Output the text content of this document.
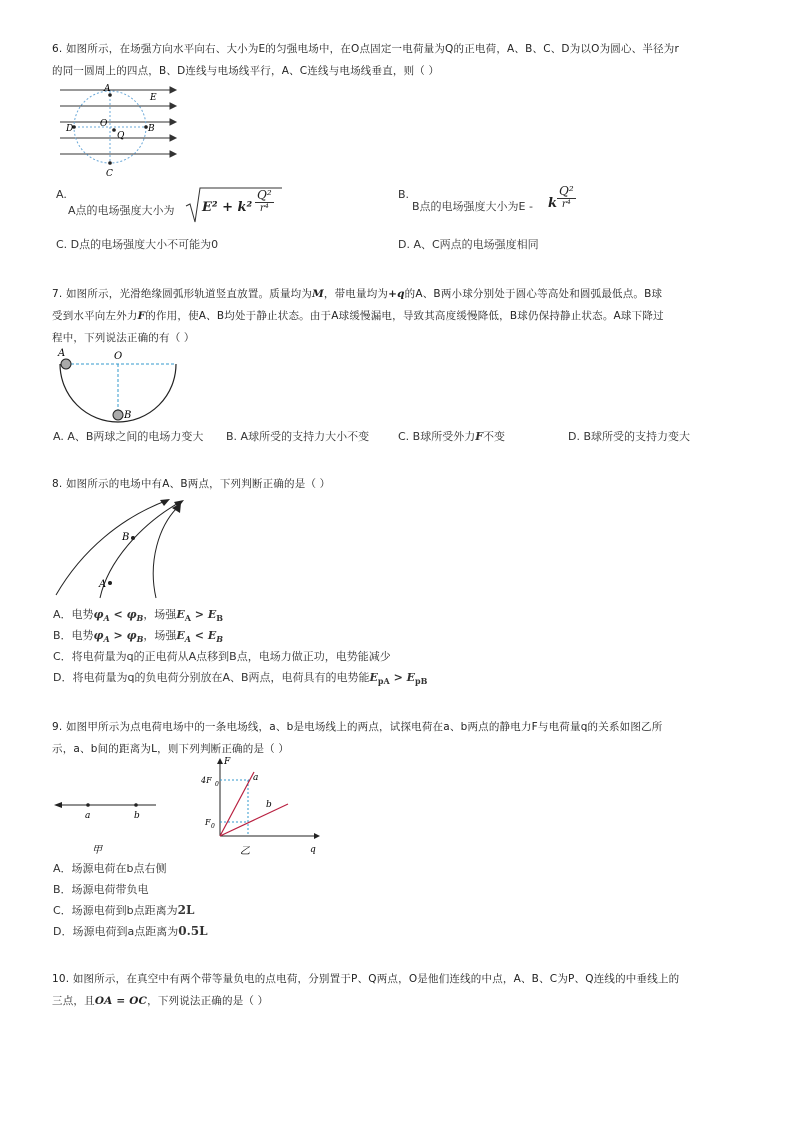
6. 如图所示，在场强方向水平向右、大小为E的匀强电场中，在O点固定一电荷量为Q的正电荷，A、B、C、D为以O为圆心、半径为r
的同一圆周上的四点，B、D连线与电场线平行，A、C连线与电场线垂直，则（ ）
A
D	B
C
O
Q
E
A.
A点的电场强度大小为 E² + k²
Q²
r⁴
B.
B点的电场强度大小为E - k
Q²
r⁴
C. D点的电场强度大小不可能为0	D. A、C两点的电场强度相同
7. 如图所示，光滑绝缘圆弧形轨道竖直放置。质量均为M，带电量均为+q的A、B两小球分别处于圆心等高处和圆弧最低点。B球
受到水平向左外力F的作用，使A、B均处于静止状态。由于A球缓慢漏电，导致其高度缓慢降低，B球仍保持静止状态。A球下降过
程中，下列说法正确的有（ ）
A	O
B
A. A、B两球之间的电场力变大 B. A球所受的支持力大小不变	C. B球所受外力F不变	D. B球所受的支持力变大
8. 如图所示的电场中有A、B两点，下列判断正确的是（ ）
A
B
A．电势$\varphi_A < \varphi_B$，场强$E_A > E_B$
B．电势$\varphi_A > \varphi_B$，场强$E_A < E_B$
C．将电荷量为q的正电荷从A点移到B点，电场力做正功，电势能减少
D．将电荷量为q的负电荷分别放在A、B两点，电荷具有的电势能$E_{pA} > E_{pB}$
9. 如图甲所示为点电荷电场中的一条电场线，a、b是电场线上的两点，试探电荷在a、b两点的静电力F与电荷量q的关系如图乙所
示，a、b间的距离为L，则下列判断正确的是（ ）
a	b
甲
F
q
a
b
4F 0
F 0
乙
A．场源电荷在b点右侧
B．场源电荷带负电
C．场源电荷到b点距离为2L
D．场源电荷到a点距离为0.5L
10. 如图所示，在真空中有两个带等量负电的点电荷，分别置于P、Q两点，O是他们连线的中点，A、B、C为P、Q连线的中垂线上的
三点，且OA = OC，下列说法正确的是（ ）
